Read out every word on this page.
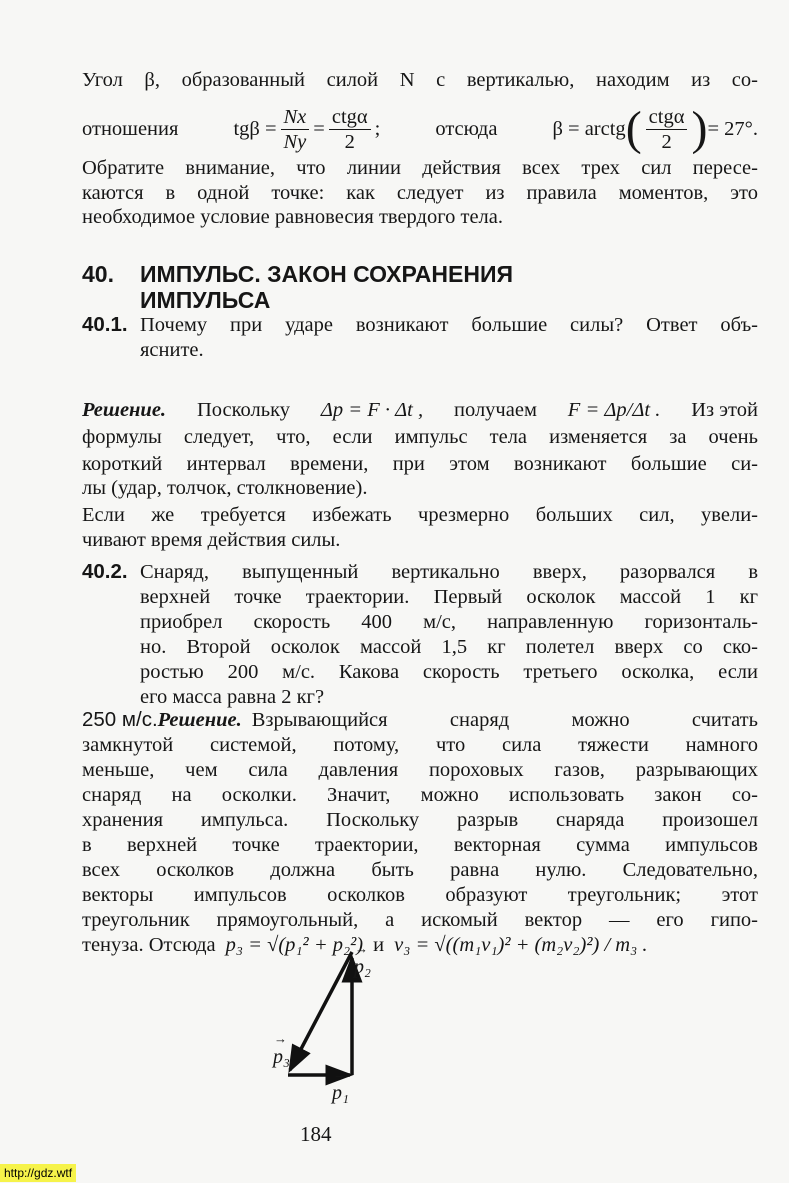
Угол β, образованный силой N с вертикалью, находим из со-
отношения	$tg\beta = \frac{Nx}{Ny}$ =
ctgα
2
;	отсюда	β = arctg ( ctgα
2 ) = 27°.
Обратите внимание, что линии действия всех трех сил пересе-
каются в одной точке: как следует из правила моментов, это
необходимое условие равновесия твердого тела.
40. ИМПУЛЬС. ЗАКОН СОХРАНЕНИЯ
ИМПУЛЬСА
Почему при ударе возникают большие силы? Ответ объ-
40.1.
ясните.
Решение. Поскольку Δp = F · Δt , получаем F = Δp/Δt . Из этой
формулы следует, что, если импульс тела изменяется за очень
короткий интервал времени, при этом возникают большие си-
лы (удар, толчок, столкновение).
Если же требуется избежать чрезмерно больших сил, увели-
чивают время действия силы.
40.2. Снаряд, выпущенный вертикально вверх, разорвался в
верхней точке траектории. Первый осколок массой 1 кг
приобрел скорость 400 м/с, направленную горизонталь-
но. Второй осколок массой 1,5 кг полетел вверх со ско-
ростью 200 м/с. Какова скорость третьего осколка, если
его масса равна 2 кг?
250 м/с. Решение. Взрывающийся снаряд можно считать
замкнутой системой, потому, что сила тяжести намного
меньше, чем сила давления пороховых газов, разрывающих
снаряд на осколки. Значит, можно использовать закон со-
хранения импульса. Поскольку разрыв снаряда произошел
в верхней точке траектории, векторная сумма импульсов
всех осколков должна быть равна нулю. Следовательно,
векторы импульсов осколков образуют треугольник; этот
треугольник прямоугольный, а искомый вектор — его гипо-
тенуза. Отсюда p₃ = √(p₁² + p₂²) и v₃ = √((m₁v₁)² + (m₂v₂)²) / m₃ .
→ p₂
→ p₃
→ p₁
184
http://gdz.wtf
